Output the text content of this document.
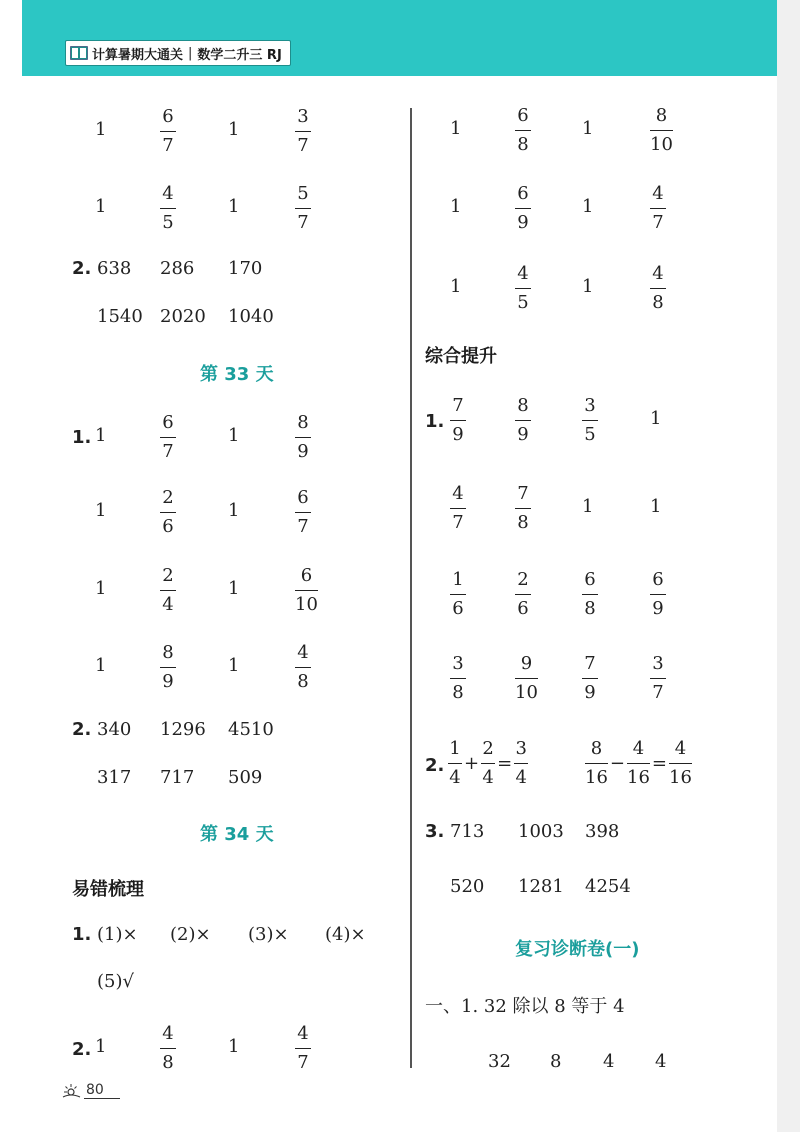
计算暑期大通关 | 数学二升三 RJ
1
6
7
1
3
7
1
4
5
1
5
7
2. 638 286 170
1540 2020 1040
第 33 天
1. 1
6
7
1
8
9
1
2
6
1
6
7
1
2
4
1
6
10
1
8
9
1
4
8
2. 340 1296 4510
317 717 509
第 34 天
易错梳理
1. (1)× (2)× (3)× (4)×
(5)√
2. 1
4
8
1
4
7
1
6
8
1
8
10
1
6
9
1
4
7
1
4
5
1
4
8
综合提升
1.
7
9
8
9
3
5
1
4
7
7
8
1	1
1
6
2
6
6
8
6
9
3
8
9
10
7
9
3
7
2.
1
4
+
2
4
=
3
4
8
16
−
4
16
=
4
16
3. 713 1003 398
520 1281 4254
复习诊断卷(一)
一、1. 32 除以 8 等于 4
32 8 4 4
80
